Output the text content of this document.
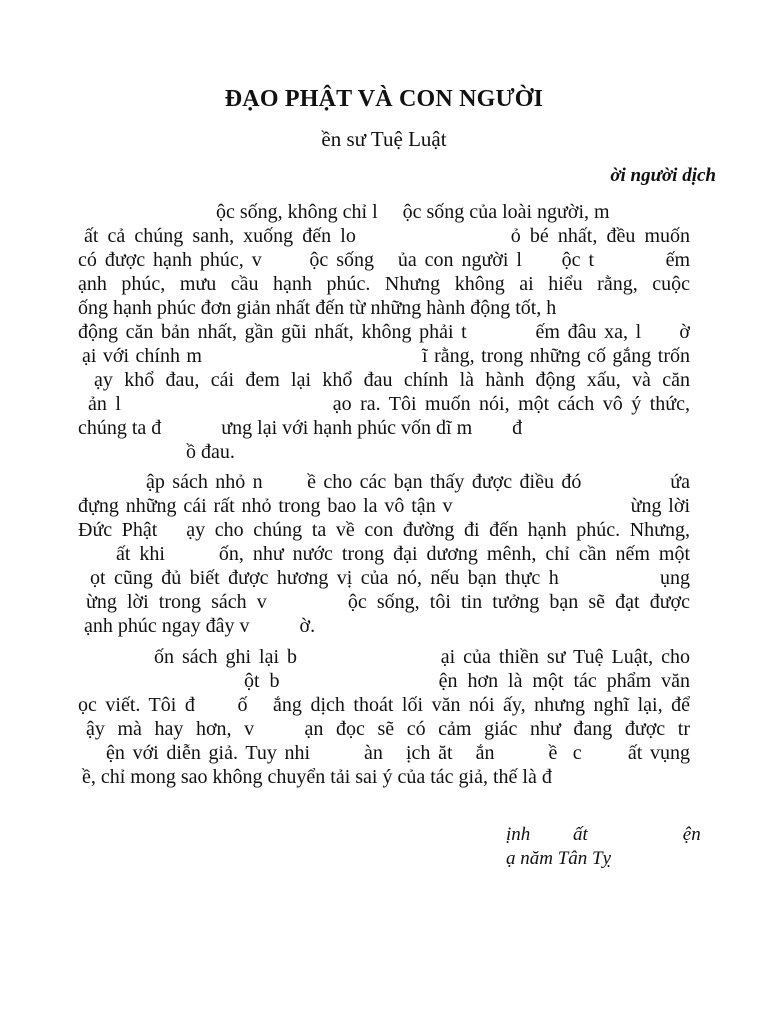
ĐẠO PHẬT VÀ CON NGƯỜI
ền sư Tuệ Luật
ời người dịch
ộc sống, không chỉ l     ộc sống của loài người, m
ất cả chúng sanh, xuống đến lo                 ỏ bé nhất, đều muốn
có được hạnh phúc, v      ộc sống   ủa con người l     ộc t         ếm
ạnh phúc, mưu cầu hạnh phúc. Nhưng không ai hiểu rằng, cuộc
ống hạnh phúc đơn giản nhất đến từ những hành động tốt, h
động căn bản nhất, gần gũi nhất, không phải t         ếm đâu xa, l     ờ
ại với chính m                                  ĩ rằng, trong những cố gắng trốn
ạy khổ đau, cái đem lại khổ đau chính là hành động xấu, và căn
ản l                         ạo ra. Tôi muốn nói, một cách vô ý thức,
chúng ta đ            ưng lại với hạnh phúc vốn dĩ m        đ
ồ đau.
ập sách nhỏ n      ề cho các bạn thấy được điều đó            ứa
đựng những cái rất nhỏ trong bao la vô tận v                          ừng lời
Đức Phật   ạy cho chúng ta về con đường đi đến hạnh phúc. Nhưng,
ất khi      ốn, như nước trong đại dương mênh, chỉ cần nếm một
ọt cũng đủ biết được hương vị của nó, nếu bạn thực h            ụng
ừng lời trong sách v        ộc sống, tôi tin tưởng bạn sẽ đạt được
ạnh phúc ngay đây v          ờ.
ốn sách ghi lại b                  ại của thiền sư Tuệ Luật, cho
ột b                ện hơn là một tác phẩm văn
ọc viết. Tôi đ     ố   ắng dịch thoát lối văn nói ấy, nhưng nghĩ lại, để
ậy mà hay hơn, v    ạn đọc sẽ có cảm giác như đang được tr
ện với diễn giả. Tuy nhi       àn   ịch ăt   ắn       ề  c      ất vụng
ề, chỉ mong sao không chuyển tải sai ý của tác giả, thế là đ
ịnh         ất                    ện
ạ năm Tân Tỵ
